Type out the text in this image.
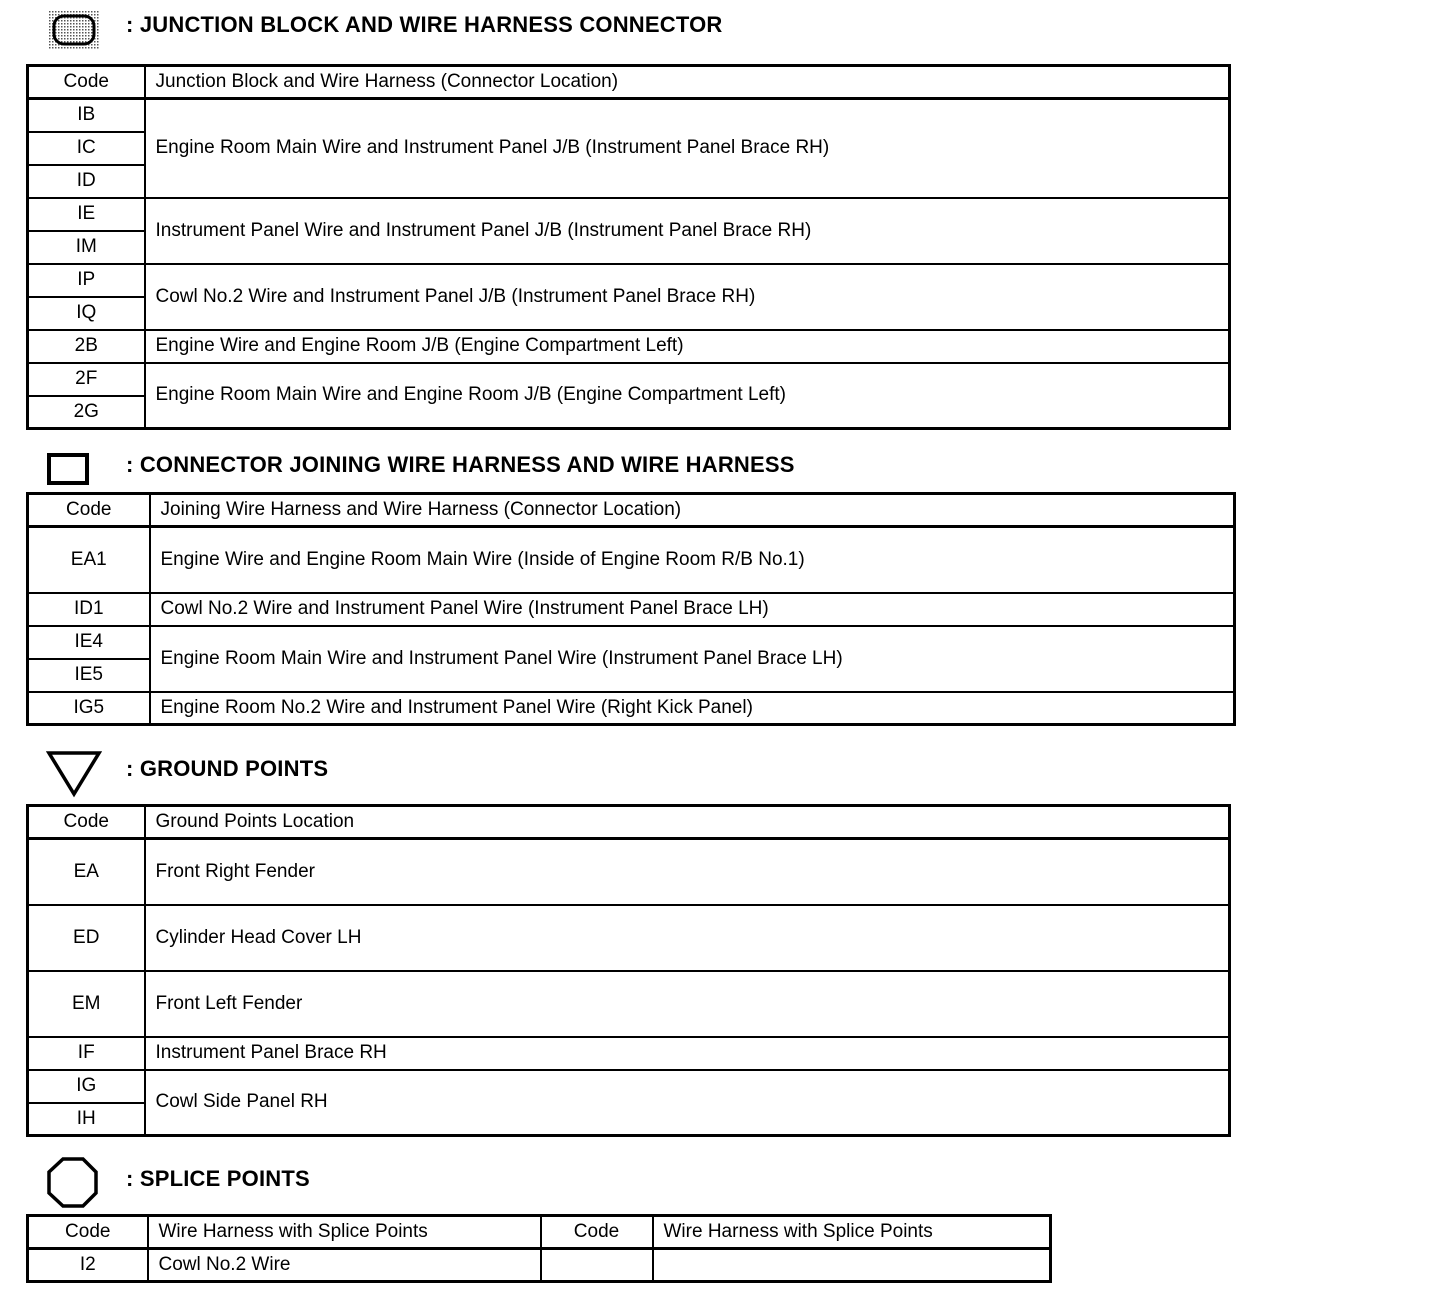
: JUNCTION BLOCK AND WIRE HARNESS CONNECTOR
Code	Junction Block and Wire Harness (Connector Location)
IB	Engine Room Main Wire and Instrument Panel J/B (Instrument Panel Brace RH)
IC	
ID	
IE	Instrument Panel Wire and Instrument Panel J/B (Instrument Panel Brace RH)
IM	
IP	Cowl No.2 Wire and Instrument Panel J/B (Instrument Panel Brace RH)
IQ	
2B	Engine Wire and Engine Room J/B (Engine Compartment Left)
2F	Engine Room Main Wire and Engine Room J/B (Engine Compartment Left)
2G	
: CONNECTOR JOINING WIRE HARNESS AND WIRE HARNESS
Code	Joining Wire Harness and Wire Harness (Connector Location)
EA1	Engine Wire and Engine Room Main Wire (Inside of Engine Room R/B No.1)
ID1	Cowl No.2 Wire and Instrument Panel Wire (Instrument Panel Brace LH)
IE4	Engine Room Main Wire and Instrument Panel Wire (Instrument Panel Brace LH)
IE5	
IG5	Engine Room No.2 Wire and Instrument Panel Wire (Right Kick Panel)
: GROUND POINTS
Code	Ground Points Location
EA	Front Right Fender
ED	Cylinder Head Cover LH
EM	Front Left Fender
IF	Instrument Panel Brace RH
IG	Cowl Side Panel RH
IH	
: SPLICE POINTS
Code	Wire Harness with Splice Points	Code	Wire Harness with Splice Points
I2	Cowl No.2 Wire		
